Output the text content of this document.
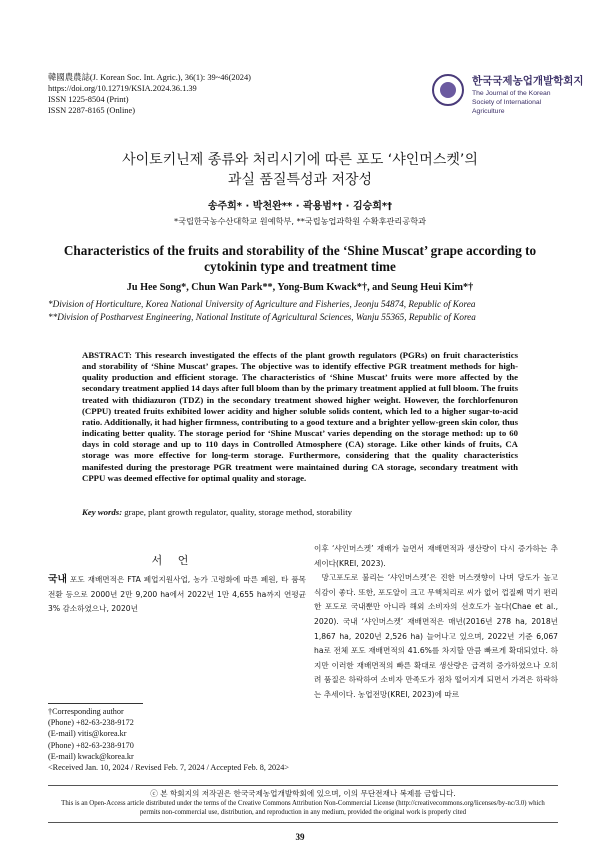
韓國農農誌(J. Korean Soc. Int. Agric.), 36(1): 39~46(2024)
https://doi.org/10.12719/KSIA.2024.36.1.39
ISSN 1225-8504 (Print)
ISSN 2287-8165 (Online)
한국국제농업개발학회지
The Journal of the Korean Society of International Agriculture
사이토키닌제 종류와 처리시기에 따른 포도 ‘샤인머스켓’의
과실 품질특성과 저장성
송주희* · 박천완** · 곽용범*† · 김승희*†
*국립한국농수산대학교 원예학부, **국립농업과학원 수확후관리공학과
Characteristics of the fruits and storability of the ‘Shine Muscat’ grape according to cytokinin type and treatment time
Ju Hee Song*, Chun Wan Park**, Yong-Bum Kwack*†, and Seung Heui Kim*†
*Division of Horticulture, Korea National University of Agriculture and Fisheries, Jeonju 54874, Republic of Korea
**Division of Postharvest Engineering, National Institute of Agricultural Sciences, Wanju 55365, Republic of Korea
ABSTRACT: This research investigated the effects of the plant growth regulators (PGRs) on fruit characteristics and storability of ‘Shine Muscat’ grapes. The objective was to identify effective PGR treatment methods for high-quality production and efficient storage. The characteristics of ‘Shine Muscat’ fruits were more affected by the secondary treatment applied 14 days after full bloom than by the primary treatment applied at full bloom. The fruits treated with thidiazuron (TDZ) in the secondary treatment showed higher weight. However, the forchlorfenuron (CPPU) treated fruits exhibited lower acidity and higher soluble solids content, which led to a higher sugar-to-acid ratio. Additionally, it had higher firmness, contributing to a good texture and a brighter yellow-green skin color, thus indicating better quality. The storage period for ‘Shine Muscat’ varies depending on the storage method: up to 60 days in cold storage and up to 110 days in Controlled Atmosphere (CA) storage. Like other kinds of fruits, CA storage was more effective for long-term storage. Furthermore, considering that the quality characteristics manifested during the prestorage PGR treatment were maintained during CA storage, secondary treatment with CPPU was deemed effective for optimal quality and storage.
Key words: grape, plant growth regulator, quality, storage method, storability
서 언
국내 포도 재배면적은 FTA 폐업지원사업, 농가 고령화에 따른 폐원, 타 품목 전환 등으로 2000년 2만 9,200 ha에서 2022년 1만 4,655 ha까지 연평균 3% 감소하였으나, 2020년
이후 ‘샤인머스켓’ 재배가 늘면서 재배면적과 생산량이 다시 증가하는 추세이다(KREI, 2023).
망고포도로 불리는 ‘샤인머스켓’은 진한 머스캣향이 나며 당도가 높고 식감이 좋다. 또한, 포도알이 크고 무핵처리로 씨가 없어 껍질째 먹기 편리한 포도로 국내뿐만 아니라 해외 소비자의 선호도가 높다(Chae et al., 2020). 국내 ‘샤인머스켓’ 재배면적은 매년(2016년 278 ha, 2018년 1,867 ha, 2020년 2,526 ha) 늘어나고 있으며, 2022년 기준 6,067 ha로 전체 포도 재배면적의 41.6%를 차지할 만큼 빠르게 확대되었다. 하지만 이러한 재배면적의 빠른 확대로 생산량은 급격히 증가하였으나 오히려 품질은 하락하여 소비자 만족도가 점차 떨어지게 되면서 가격은 하락하는 추세이다. 농업전망(KREI, 2023)에 따르
†Corresponding author
(Phone) +82-63-238-9172
(E-mail) vitis@korea.kr
(Phone) +82-63-238-9170
(E-mail) kwack@korea.kr
<Received Jan. 10, 2024 / Revised Feb. 7, 2024 / Accepted Feb. 8, 2024>
ⓒ 본 학회지의 저작권은 한국국제농업개발학회에 있으며, 이의 무단전재나 복제를 금합니다.
This is an Open-Access article distributed under the terms of the Creative Commons Attribution Non-Commercial License (http://creativecommons.org/licenses/by-nc/3.0) which
permits non-commercial use, distribution, and reproduction in any medium, provided the original work is properly cited
39
